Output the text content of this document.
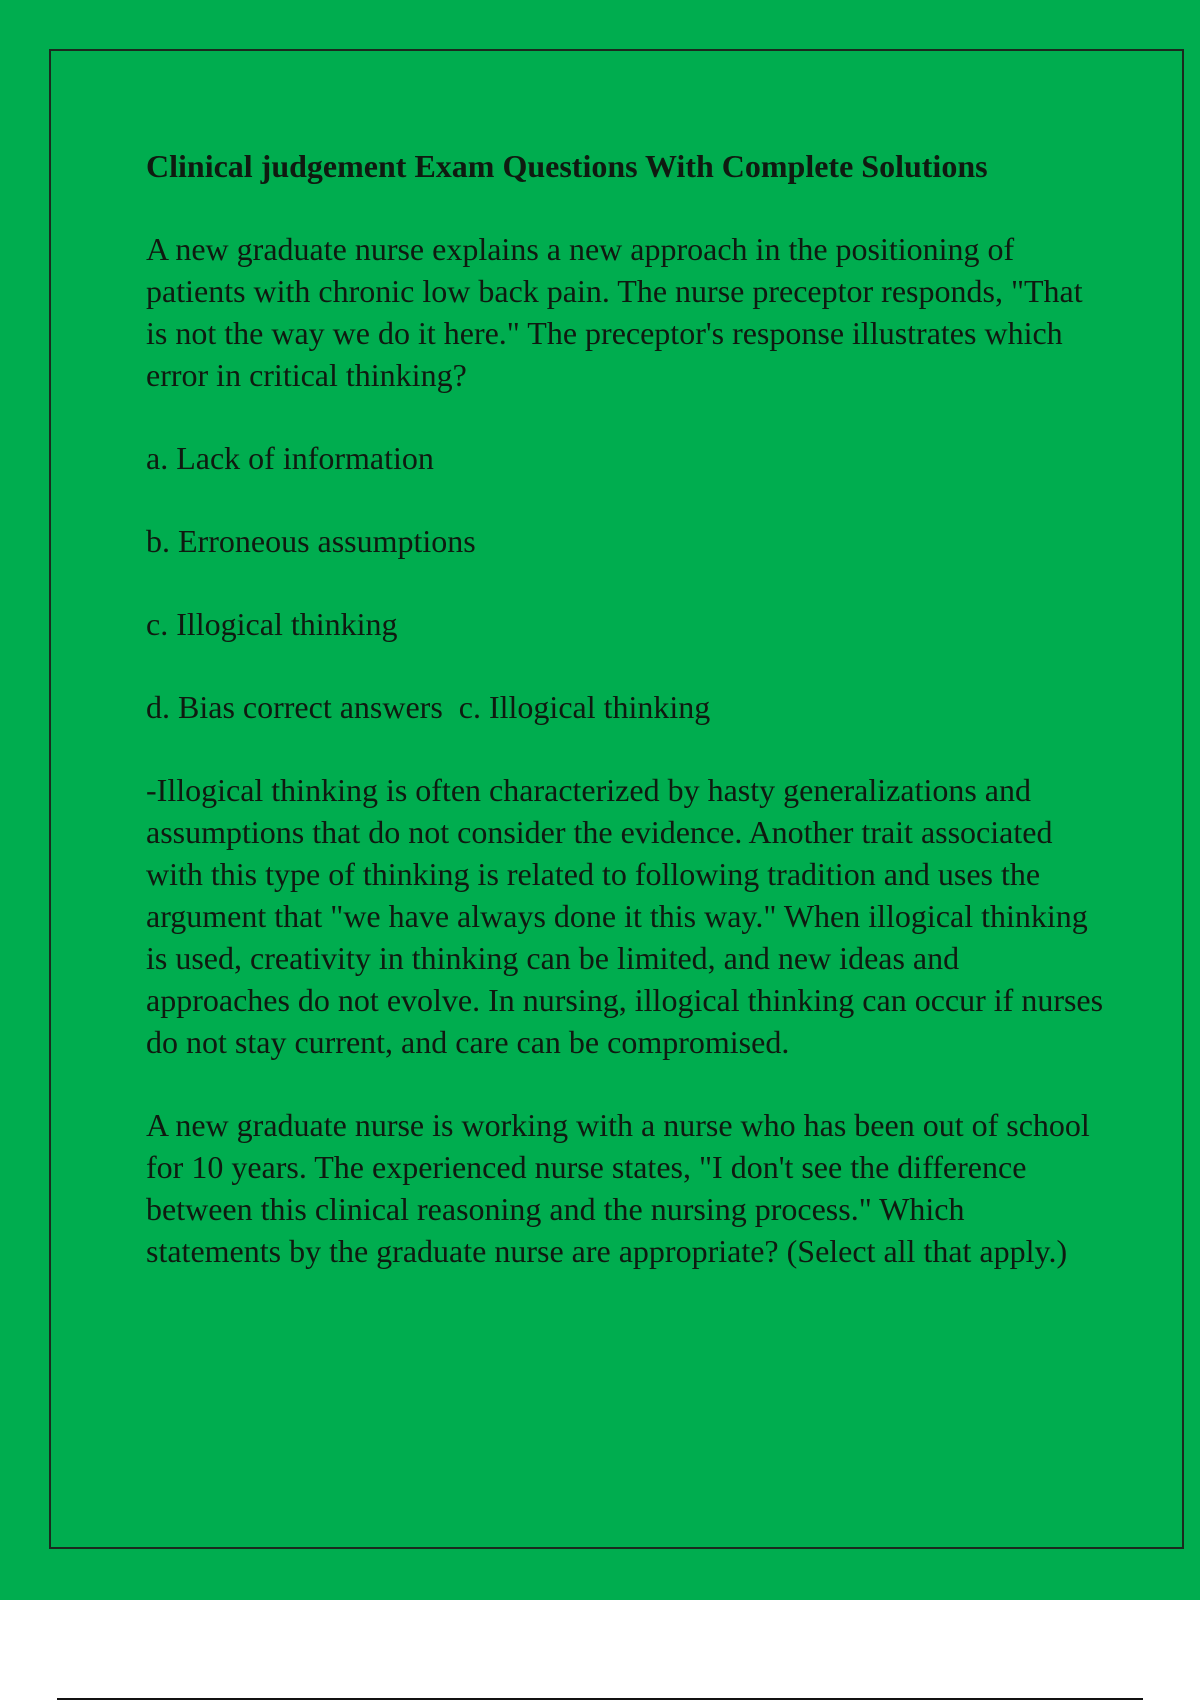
Clinical judgement Exam Questions With Complete Solutions
A new graduate nurse explains a new approach in the positioning of patients with chronic low back pain. The nurse preceptor responds, "That is not the way we do it here." The preceptor's response illustrates which error in critical thinking?
a. Lack of information
b. Erroneous assumptions
c. Illogical thinking
d. Bias correct answers  c. Illogical thinking
-Illogical thinking is often characterized by hasty generalizations and assumptions that do not consider the evidence. Another trait associated with this type of thinking is related to following tradition and uses the argument that "we have always done it this way." When illogical thinking is used, creativity in thinking can be limited, and new ideas and approaches do not evolve. In nursing, illogical thinking can occur if nurses do not stay current, and care can be compromised.
A new graduate nurse is working with a nurse who has been out of school for 10 years. The experienced nurse states, "I don't see the difference between this clinical reasoning and the nursing process." Which statements by the graduate nurse are appropriate? (Select all that apply.)
